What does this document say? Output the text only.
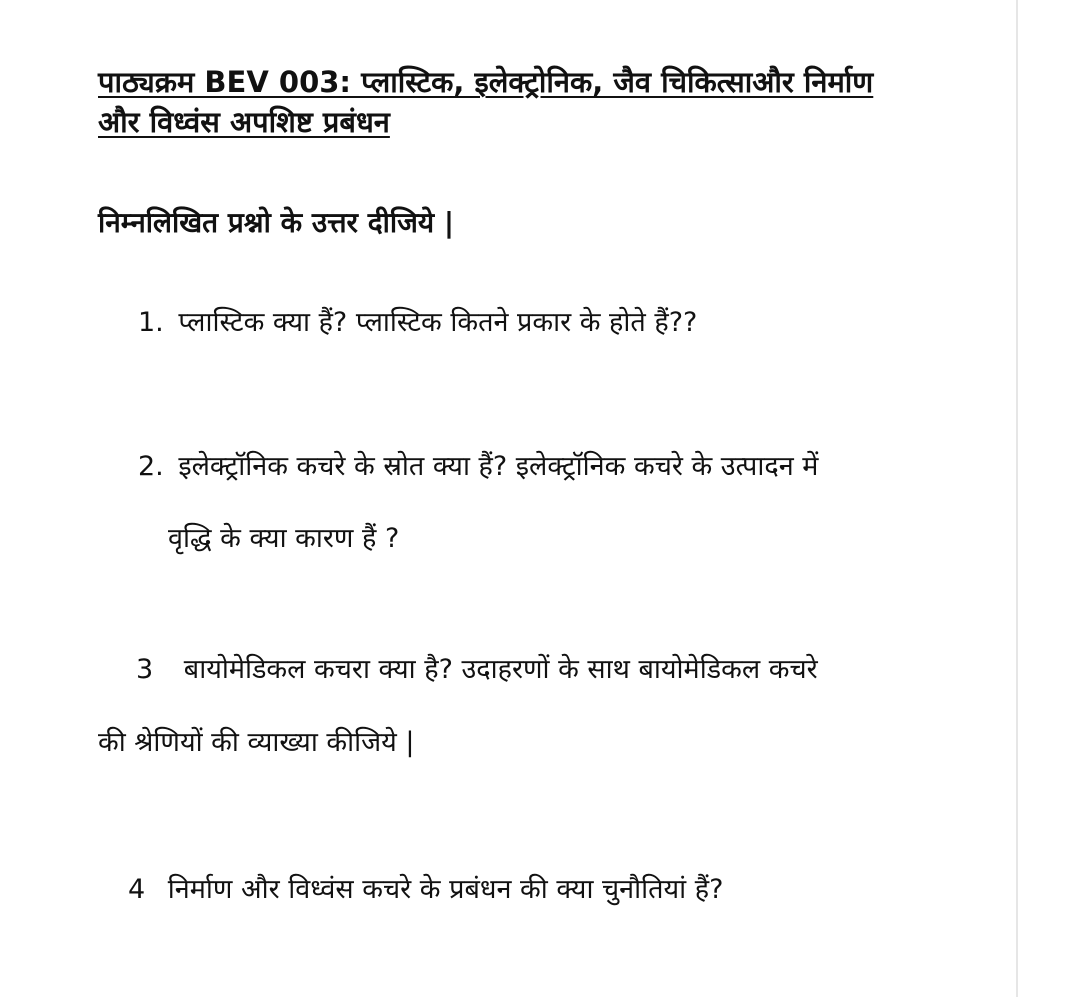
पाठ्यक्रम BEV 003: प्लास्टिक, इलेक्ट्रोनिक, जैव चिकित्साऔर निर्माण और विध्वंस अपशिष्ट प्रबंधन

निम्नलिखित प्रश्नो के उत्तर दीजिये |

1. प्लास्टिक क्या हैं? प्लास्टिक कितने प्रकार के होते हैं??

2. इलेक्ट्रॉनिक कचरे के स्रोत क्या हैं? इलेक्ट्रॉनिक कचरे के उत्पादन में

वृद्धि के क्या कारण हैं ?

3 बायोमेडिकल कचरा क्या है? उदाहरणों के साथ बायोमेडिकल कचरे

की श्रेणियों की व्याख्या कीजिये |

4 निर्माण और विध्वंस कचरे के प्रबंधन की क्या चुनौतियां हैं?
